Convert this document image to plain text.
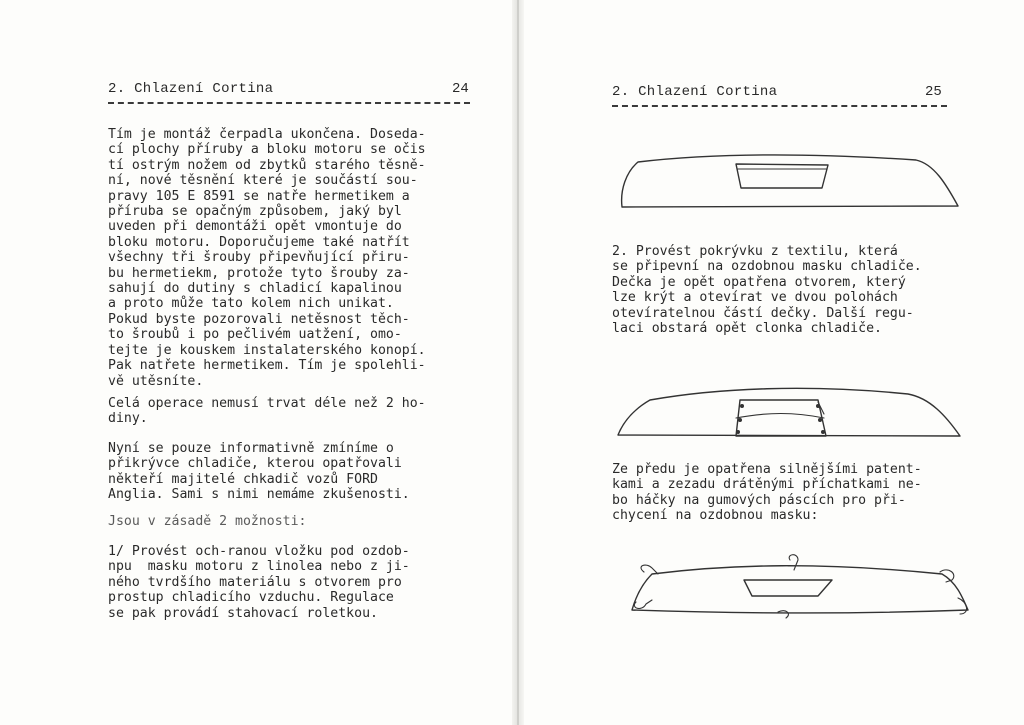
2. Chlazení Cortina	24
Tím je montáž čerpadla ukončena. Doseda-
cí plochy příruby a bloku motoru se očis
tí ostrým nožem od zbytků starého těsně-
ní, nové těsnění které je součástí sou-
pravy 105 E 8591 se natře hermetikem a
příruba se opačným způsobem, jaký byl
uveden při demontáži opět vmontuje do
bloku motoru. Doporučujeme také natřít
všechny tři šrouby připevňující přiru-
bu hermetiekm, protože tyto šrouby za-
sahují do dutiny s chladicí kapalinou
a proto může tato kolem nich unikat.
Pokud byste pozorovali netěsnost těch-
to šroubů i po pečlivém uatžení, omo-
tejte je kouskem instalaterského konopí.
Pak natřete hermetikem. Tím je spolehli-
vě utěsníte.
Celá operace nemusí trvat déle než 2 ho-
diny.
Nyní se pouze informativně zmíníme o
přikrývce chladiče, kterou opatřovali
někteří majitelé chkadič vozů FORD
Anglia. Sami s nimi nemáme zkušenosti.
Jsou v zásadě 2 možnosti:
1/ Provést och-ranou vložku pod ozdob-
npu  masku motoru z linolea nebo z ji-
ného tvrdšího materiálu s otvorem pro
prostup chladicího vzduchu. Regulace
se pak provádí stahovací roletkou.
2. Chlazení Cortina	25
2. Provést pokrývku z textilu, která
se připevní na ozdobnou masku chladiče.
Dečka je opět opatřena otvorem, který
lze krýt a otevírat ve dvou polohách
otevíratelnou částí dečky. Další regu-
laci obstará opět clonka chladiče.
Ze předu je opatřena silnějšími patent-
kami a zezadu drátěnými příchatkami ne-
bo háčky na gumových páscích pro při-
chycení na ozdobnou masku:
